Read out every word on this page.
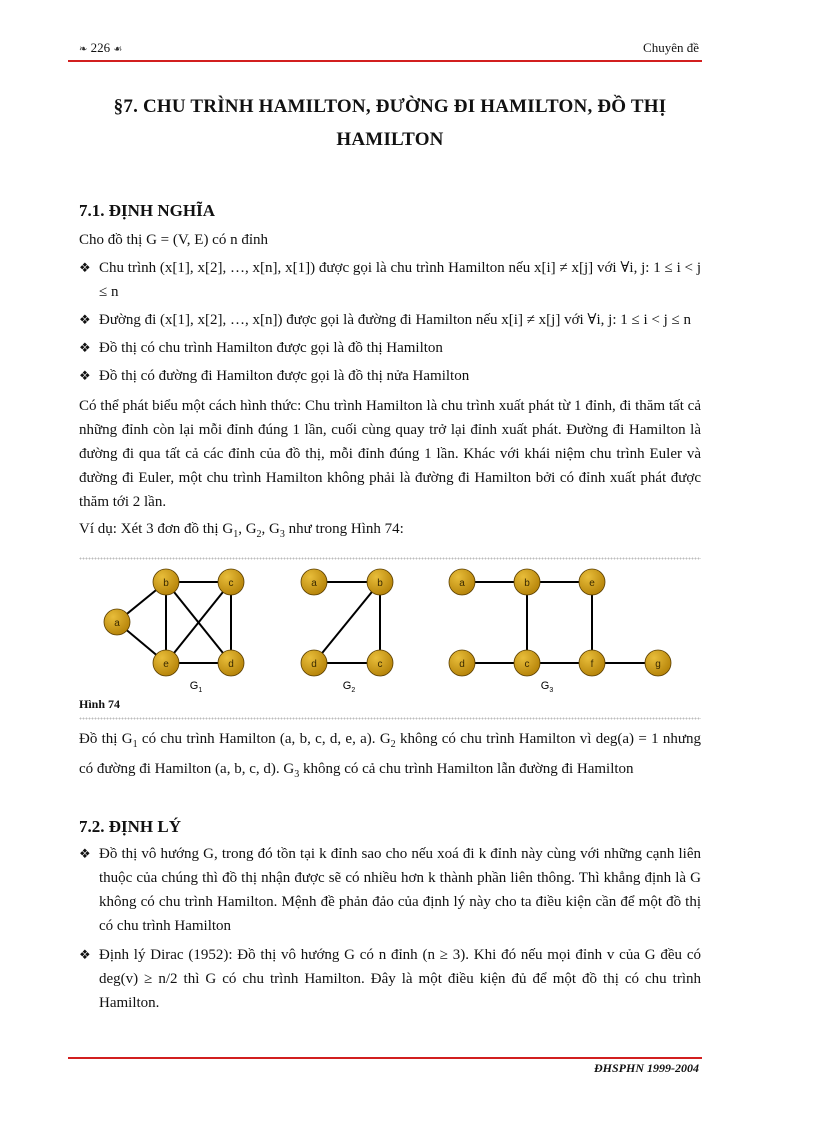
❧ 226 ☙	Chuyên đề
§7. CHU TRÌNH HAMILTON, ĐƯỜNG ĐI HAMILTON, ĐỒ THỊ
HAMILTON
7.1. ĐỊNH NGHĨA

Cho đồ thị G = (V, E) có n đỉnh

❖ Chu trình (x[1], x[2], …, x[n], x[1]) được gọi là chu trình Hamilton nếu x[i] ≠ x[j] với ∀i, j: 1 ≤ i < j ≤ n
❖ Đường đi (x[1], x[2], …, x[n]) được gọi là đường đi Hamilton nếu x[i] ≠ x[j] với ∀i, j: 1 ≤ i < j ≤ n
❖ Đồ thị có chu trình Hamilton được gọi là đồ thị Hamilton
❖ Đồ thị có đường đi Hamilton được gọi là đồ thị nửa Hamilton

Có thể phát biểu một cách hình thức: Chu trình Hamilton là chu trình xuất phát từ 1 đỉnh, đi thăm tất cả những đỉnh còn lại mỗi đỉnh đúng 1 lần, cuối cùng quay trở lại đỉnh xuất phát. Đường đi Hamilton là đường đi qua tất cả các đỉnh của đồ thị, mỗi đỉnh đúng 1 lần. Khác với khái niệm chu trình Euler và đường đi Euler, một chu trình Hamilton không phải là đường đi Hamilton bởi có đỉnh xuất phát được thăm tới 2 lần.

Ví dụ: Xét 3 đơn đồ thị $G_1$, $G_2$, $G_3$ như trong Hình 74:

a
b	c
e	d
$G_1$
a	b
d	c
$G_2$
a	b	e
d	c	f	g
$G_3$
Hình 74

Đồ thị $G_1$ có chu trình Hamilton (a, b, c, d, e, a). $G_2$ không có chu trình Hamilton vì deg(a) = 1 nhưng có đường đi Hamilton (a, b, c, d). $G_3$ không có cả chu trình Hamilton lẫn đường đi Hamilton

7.2. ĐỊNH LÝ
❖ Đồ thị vô hướng G, trong đó tồn tại k đỉnh sao cho nếu xoá đi k đỉnh này cùng với những cạnh liên thuộc của chúng thì đồ thị nhận được sẽ có nhiều hơn k thành phần liên thông. Thì khẳng định là G không có chu trình Hamilton. Mệnh đề phản đảo của định lý này cho ta điều kiện cần để một đồ thị có chu trình Hamilton
❖ Định lý Dirac (1952): Đồ thị vô hướng G có n đỉnh (n ≥ 3). Khi đó nếu mọi đỉnh v của G đều có deg(v) ≥ n/2 thì G có chu trình Hamilton. Đây là một điều kiện đủ để một đồ thị có chu trình Hamilton.
ĐHSPHN 1999-2004
